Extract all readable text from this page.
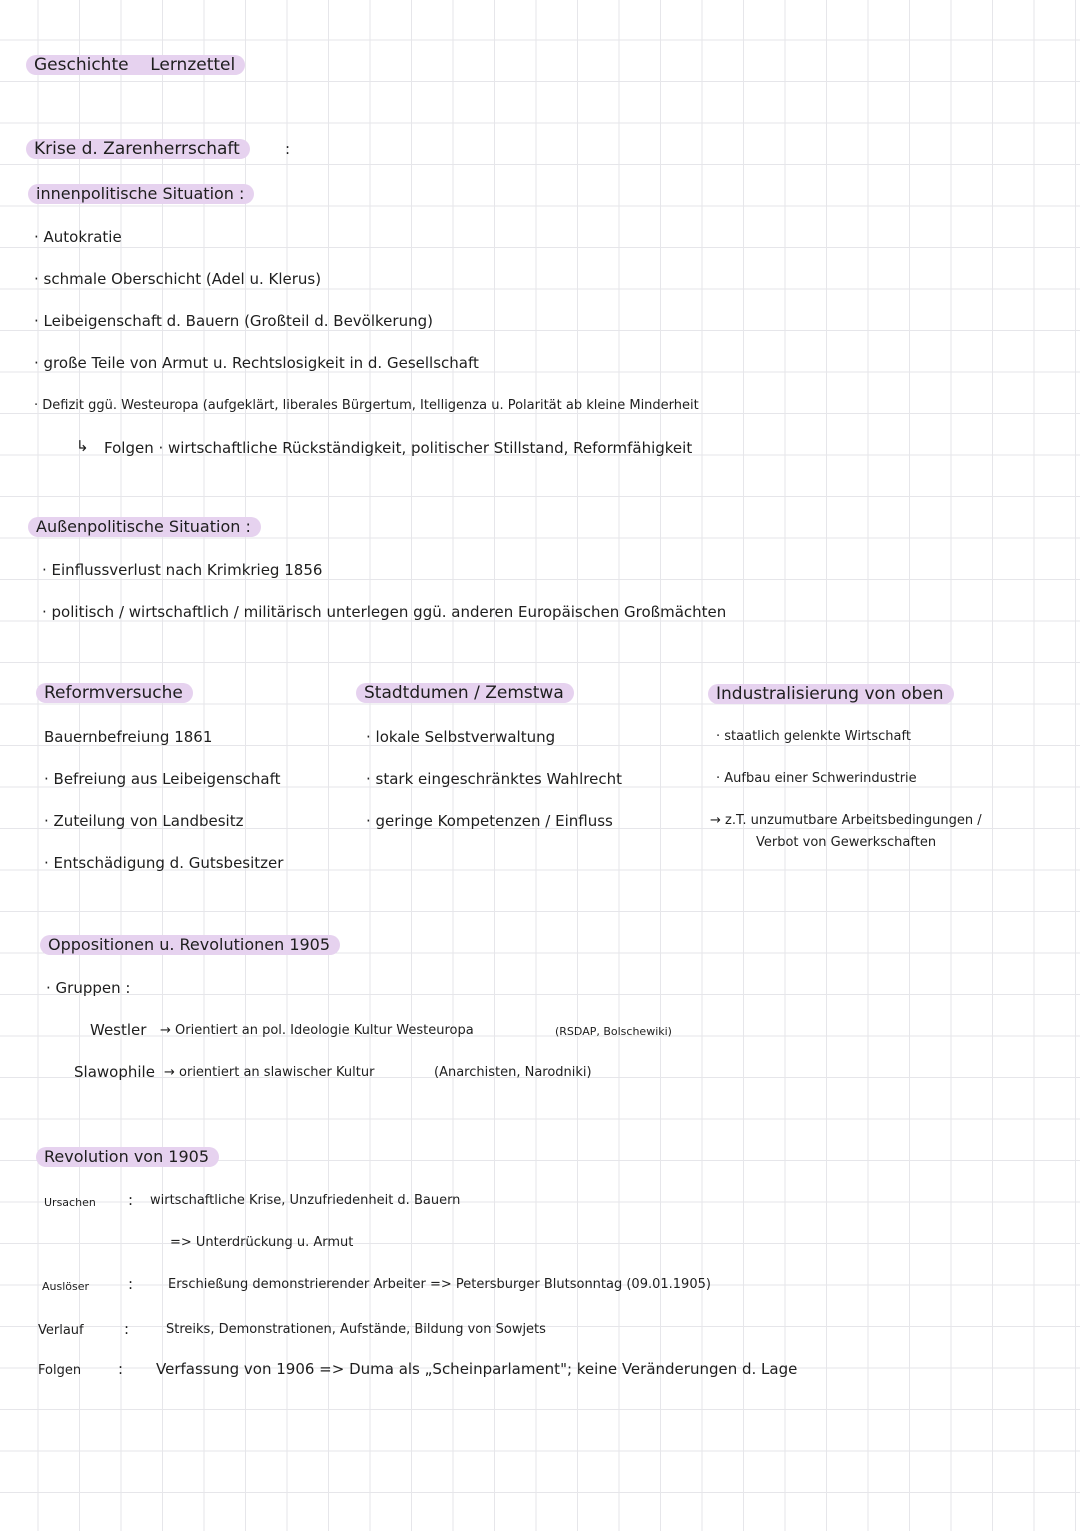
Geschichte Lernzettel
Krise d. Zarenherrschaft	:
innenpolitische Situation :
· Autokratie
· schmale Oberschicht (Adel u. Klerus)
· Leibeigenschaft d. Bauern (Großteil d. Bevölkerung)
· große Teile von Armut u. Rechtslosigkeit in d. Gesellschaft
· Defizit ggü. Westeuropa (aufgeklärt, liberales Bürgertum, Itelligenza u. Polarität ab kleine Minderheit
↳ Folgen · wirtschaftliche Rückständigkeit, politischer Stillstand, Reformfähigkeit
Außenpolitische Situation :
· Einflussverlust nach Krimkrieg 1856
· politisch / wirtschaftlich / militärisch unterlegen ggü. anderen Europäischen Großmächten
Reformversuche
Bauernbefreiung 1861
· Befreiung aus Leibeigenschaft
· Zuteilung von Landbesitz
· Entschädigung d. Gutsbesitzer
Stadtdumen / Zemstwa
· lokale Selbstverwaltung
· stark eingeschränktes Wahlrecht
· geringe Kompetenzen / Einfluss
Industralisierung von oben
· staatlich gelenkte Wirtschaft
· Aufbau einer Schwerindustrie
→ z.T. unzumutbare Arbeitsbedingungen /
Verbot von Gewerkschaften
Oppositionen u. Revolutionen 1905
· Gruppen :
Westler → Orientiert an pol. Ideologie Kultur Westeuropa	(RSDAP, Bolschewiki)
Slawophile → orientiert an slawischer Kultur	(Anarchisten, Narodniki)
Revolution von 1905
Ursachen : wirtschaftliche Krise, Unzufriedenheit d. Bauern
=> Unterdrückung u. Armut
Auslöser	:	Erschießung demonstrierender Arbeiter => Petersburger Blutsonntag (09.01.1905)
Verlauf	:	Streiks, Demonstrationen, Aufstände, Bildung von Sowjets
Folgen : Verfassung von 1906 => Duma als „Scheinparlament"; keine Veränderungen d. Lage
